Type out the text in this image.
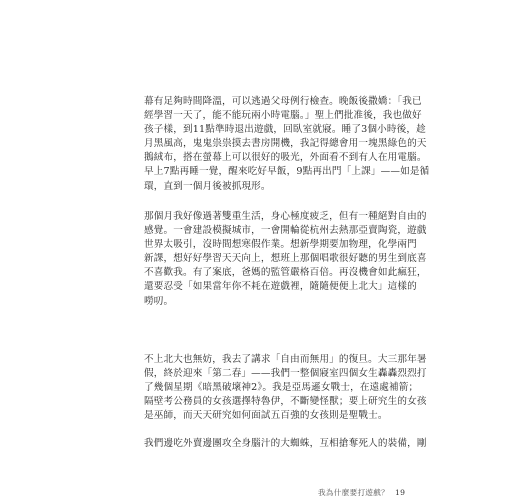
幕有足夠時間降溫，可以逃過父母例行檢查。晚飯後撒嬌：「我已
經學習一天了，能不能玩兩小時電腦。」聖上們批准後，我也做好
孩子樣，到11點準時退出遊戲，回臥室就寢。睡了3個小時後，趁
月黑風高，鬼鬼祟祟摸去書房開機，我記得總會用一塊黑綠色的天
鵝絨布，搭在螢幕上可以很好的吸光，外面看不到有人在用電腦。
早上7點再睡一覺，醒來吃好早飯，9點再出門「上課」——如是循
環，直到一個月後被抓現形。
那個月我好像過著雙重生活，身心極度疲乏，但有一種絕對自由的
感覺。一會建設模擬城市，一會開輪從杭州去熱那亞賣陶瓷，遊戲
世界太吸引，沒時間想寒假作業。想新學期要加物理，化學兩門
新課，想好好學習天天向上，想班上那個唱歌很好聽的男生到底喜
不喜歡我。有了案底，爸媽的監管嚴格百倍。再沒機會如此瘋狂，
還要忍受「如果當年你不耗在遊戲裡，隨隨便便上北大」這樣的
嘮叨。
不上北大也無妨，我去了講求「自由而無用」的復旦。大三那年暑
假，終於迎來「第二春」——我們一整個寢室四個女生轟轟烈烈打
了幾個星期《暗黑破壞神2》。我是亞馬遜女戰士，在遠處補箭；
隔壁考公務員的女孩選擇特魯伊，不斷變怪獸；要上研究生的女孩
是巫師，而天天研究如何面試五百強的女孩則是聖戰士。
我們邊吃外賣邊團攻全身腦汁的大蜘蛛，互相搶奪死人的裝備，剛
我為什麼要打遊戲？ 19
